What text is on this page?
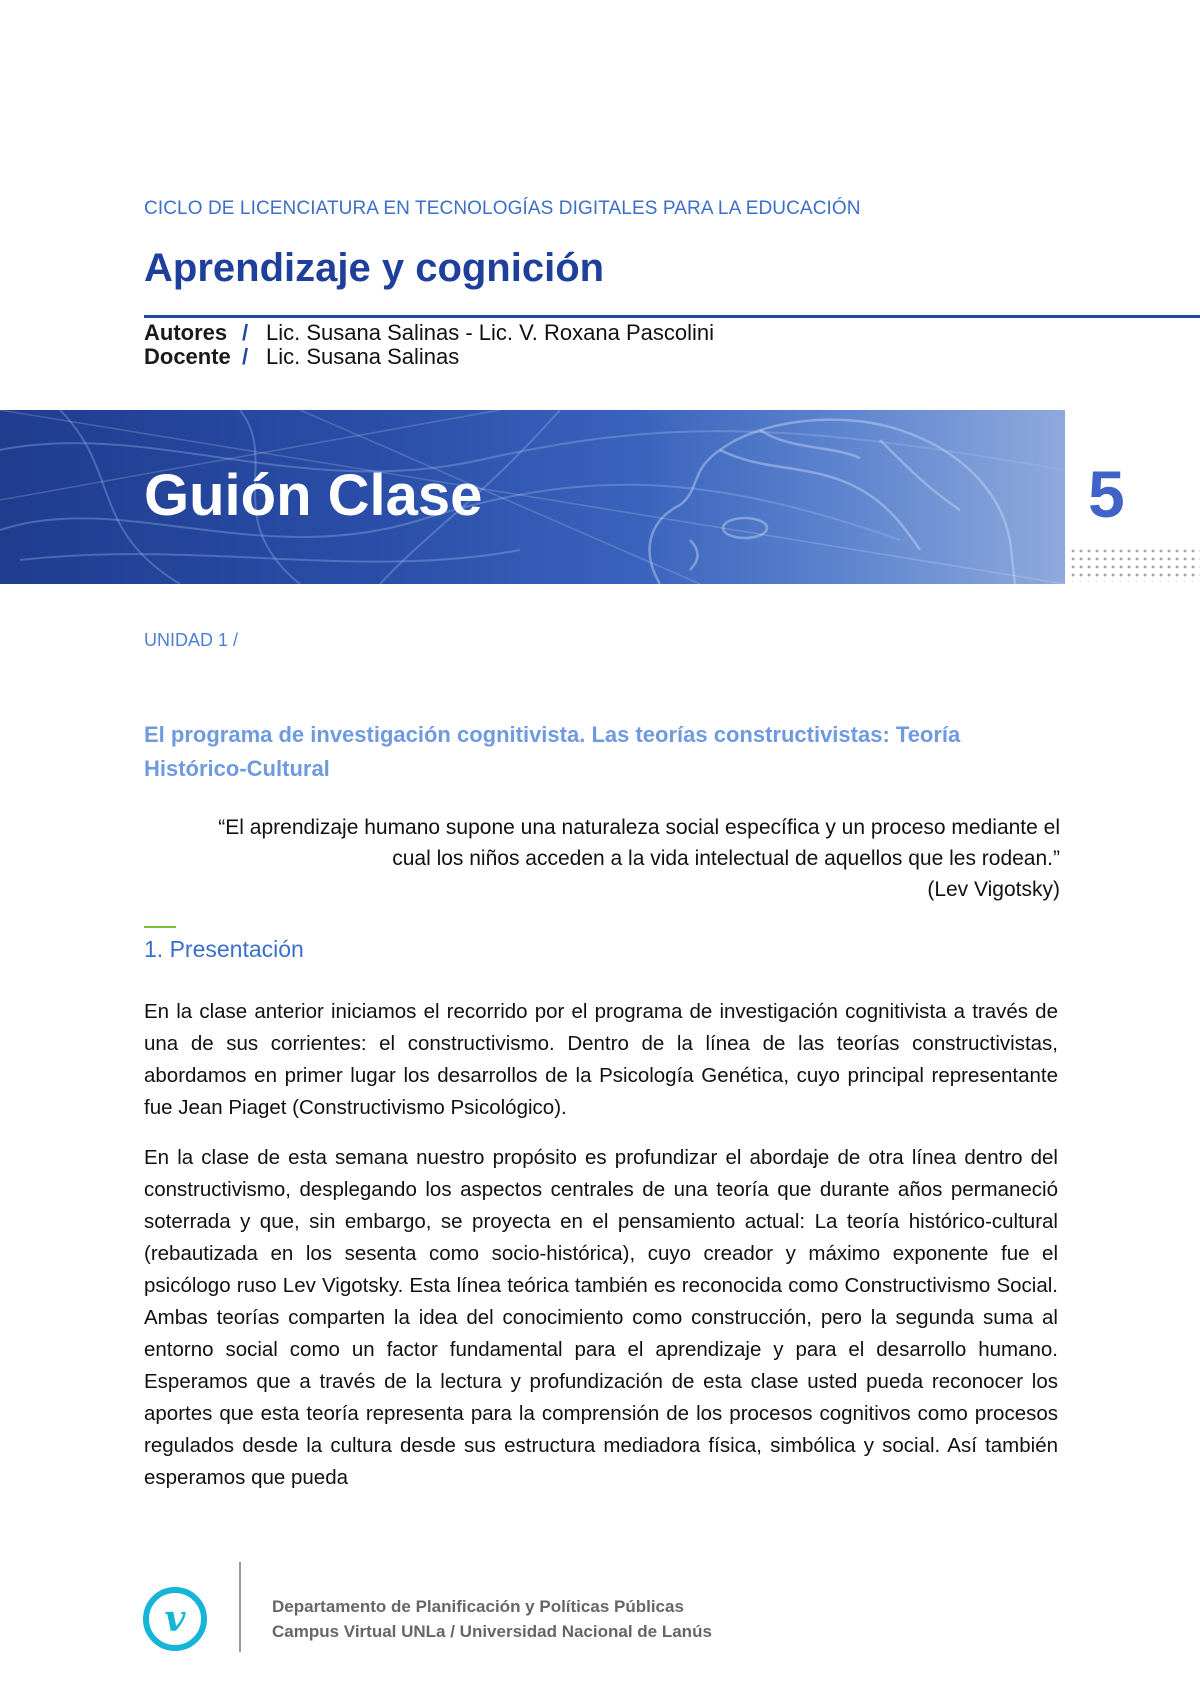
CICLO DE LICENCIATURA EN TECNOLOGÍAS DIGITALES PARA LA EDUCACIÓN
Aprendizaje y cognición
Autores / Lic. Susana Salinas - Lic. V. Roxana Pascolini
Docente / Lic. Susana Salinas
Guión Clase	5
UNIDAD 1 /
El programa de investigación cognitivista. Las teorías constructivistas: Teoría Histórico-Cultural
“El aprendizaje humano supone una naturaleza social específica y un proceso mediante el
cual los niños acceden a la vida intelectual de aquellos que les rodean.”
(Lev Vigotsky)
1. Presentación

En la clase anterior iniciamos el recorrido por el programa de investigación cognitivista a través de una de sus corrientes: el constructivismo. Dentro de la línea de las teorías constructivistas, abordamos en primer lugar los desarrollos de la Psicología Genética, cuyo principal representante fue Jean Piaget (Constructivismo Psicológico).

En la clase de esta semana nuestro propósito es profundizar el abordaje de otra línea dentro del constructivismo, desplegando los aspectos centrales de una teoría que durante años permaneció soterrada y que, sin embargo, se proyecta en el pensamiento actual: La teoría histórico-cultural (rebautizada en los sesenta como socio-histórica), cuyo creador y máximo exponente fue el psicólogo ruso Lev Vigotsky. Esta línea teórica también es reconocida como Constructivismo Social. Ambas teorías comparten la idea del conocimiento como construcción, pero la segunda suma al entorno social como un factor fundamental para el aprendizaje y para el desarrollo humano. Esperamos que a través de la lectura y profundización de esta clase usted pueda reconocer los aportes que esta teoría representa para la comprensión de los procesos cognitivos como procesos regulados desde la cultura desde sus estructura mediadora física, simbólica y social. Así también esperamos que pueda

v	Departamento de Planificación y Políticas Públicas
Campus Virtual UNLa / Universidad Nacional de Lanús
